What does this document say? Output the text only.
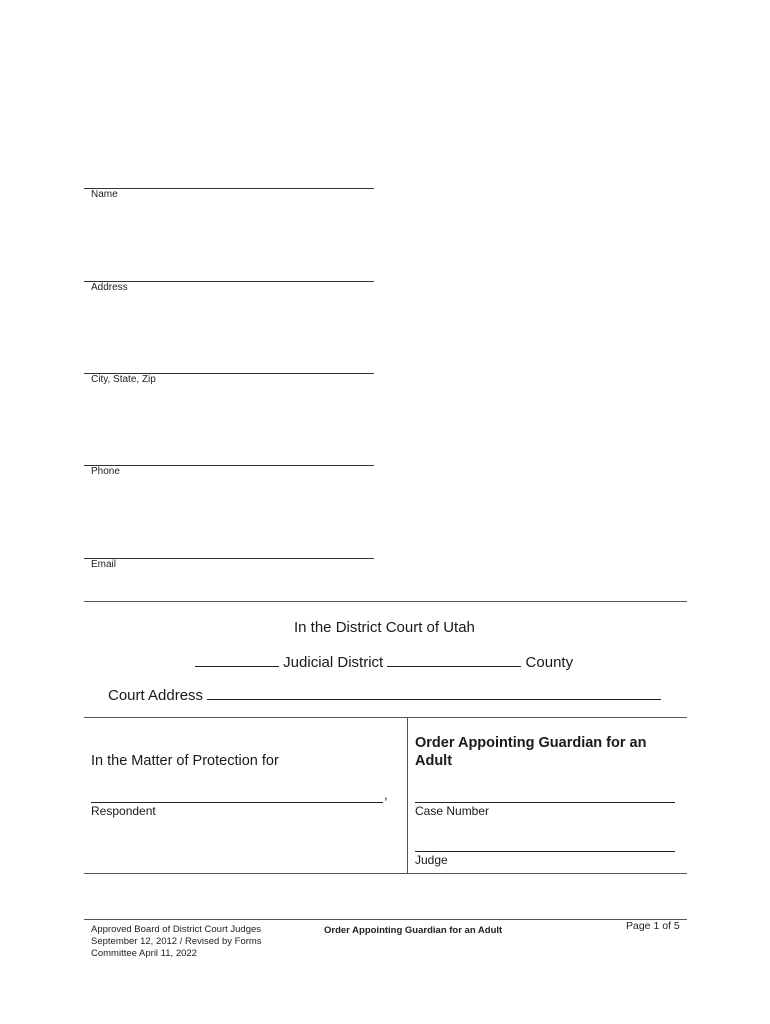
Name
Address
City, State, Zip
Phone
Email
In the District Court of Utah
Judicial District	County
Court Address
In the Matter of Protection for
,
Respondent
Order Appointing Guardian for an Adult
Case Number
Judge
Approved Board of District Court Judges September 12, 2012 / Revised by Forms Committee April 11, 2022
Order Appointing Guardian for an Adult	Page 1 of 5
